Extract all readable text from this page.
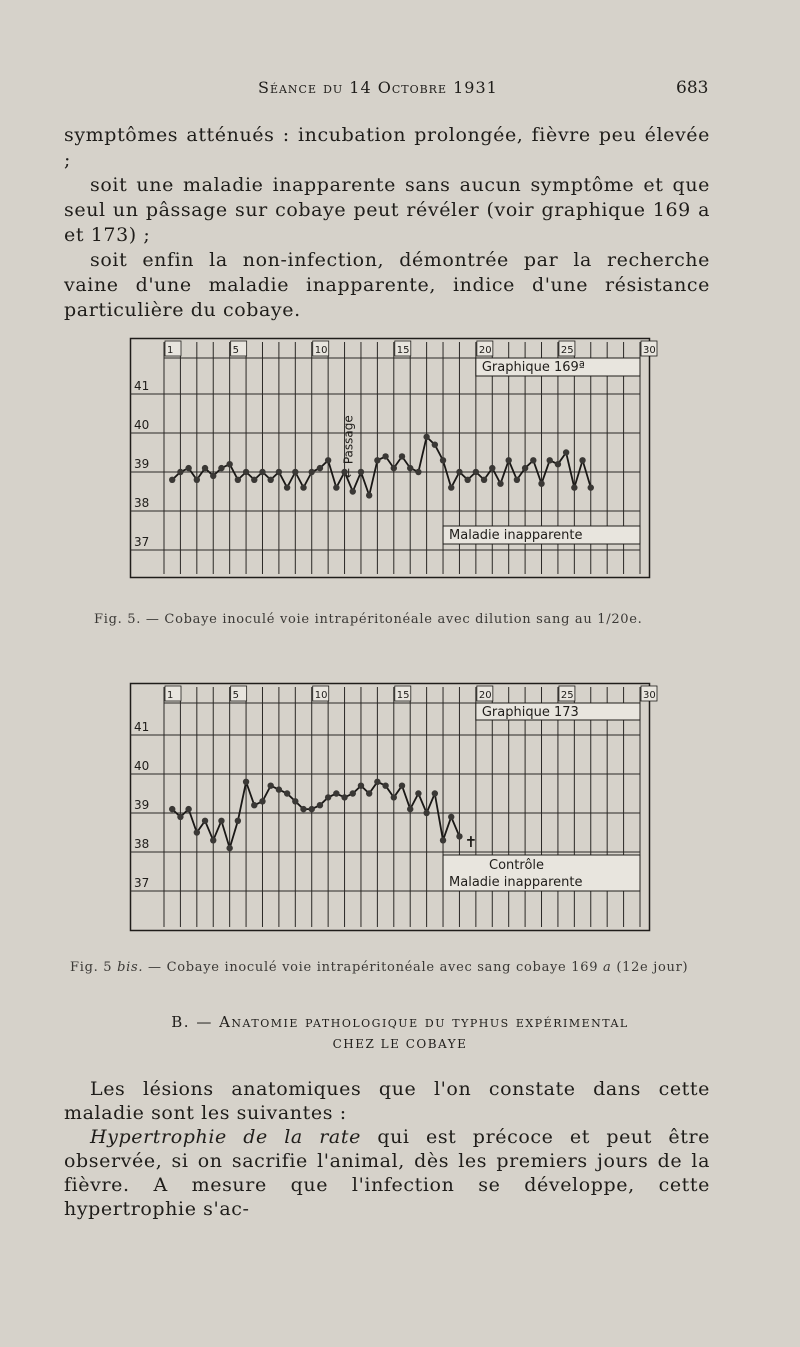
Séance du 14 Octobre 1931	683

symptômes atténués : incubation prolongée, fièvre peu élevée ;

soit une maladie inapparente sans aucun symptôme et que seul un pâssage sur cobaye peut révéler (voir graphique 169 a et 173) ;

soit enfin la non-infection, démontrée par la recherche vaine d'une maladie inapparente, indice d'une résistance particulière du cobaye.

41
40
39
38
37
1	5	10	15	20	25	30
Graphique 169ª
← Passage
Maladie inapparente
Fig. 5. — Cobaye inoculé voie intrapéritonéale avec dilution sang au 1/20e.
41
40
39
38
37
1	5	10	15	20	25	30
Graphique 173
✝
Contrôle
Maladie inapparente
Fig. 5 bis. — Cobaye inoculé voie intrapéritonéale avec sang cobaye 169 a (12e jour)
B. — Anatomie pathologique du typhus expérimental
CHEZ LE COBAYE

Les lésions anatomiques que l'on constate dans cette maladie sont les suivantes :

Hypertrophie de la rate qui est précoce et peut être observée, si on sacrifie l'animal, dès les premiers jours de la fièvre. A mesure que l'infection se développe, cette hypertrophie s'ac-
